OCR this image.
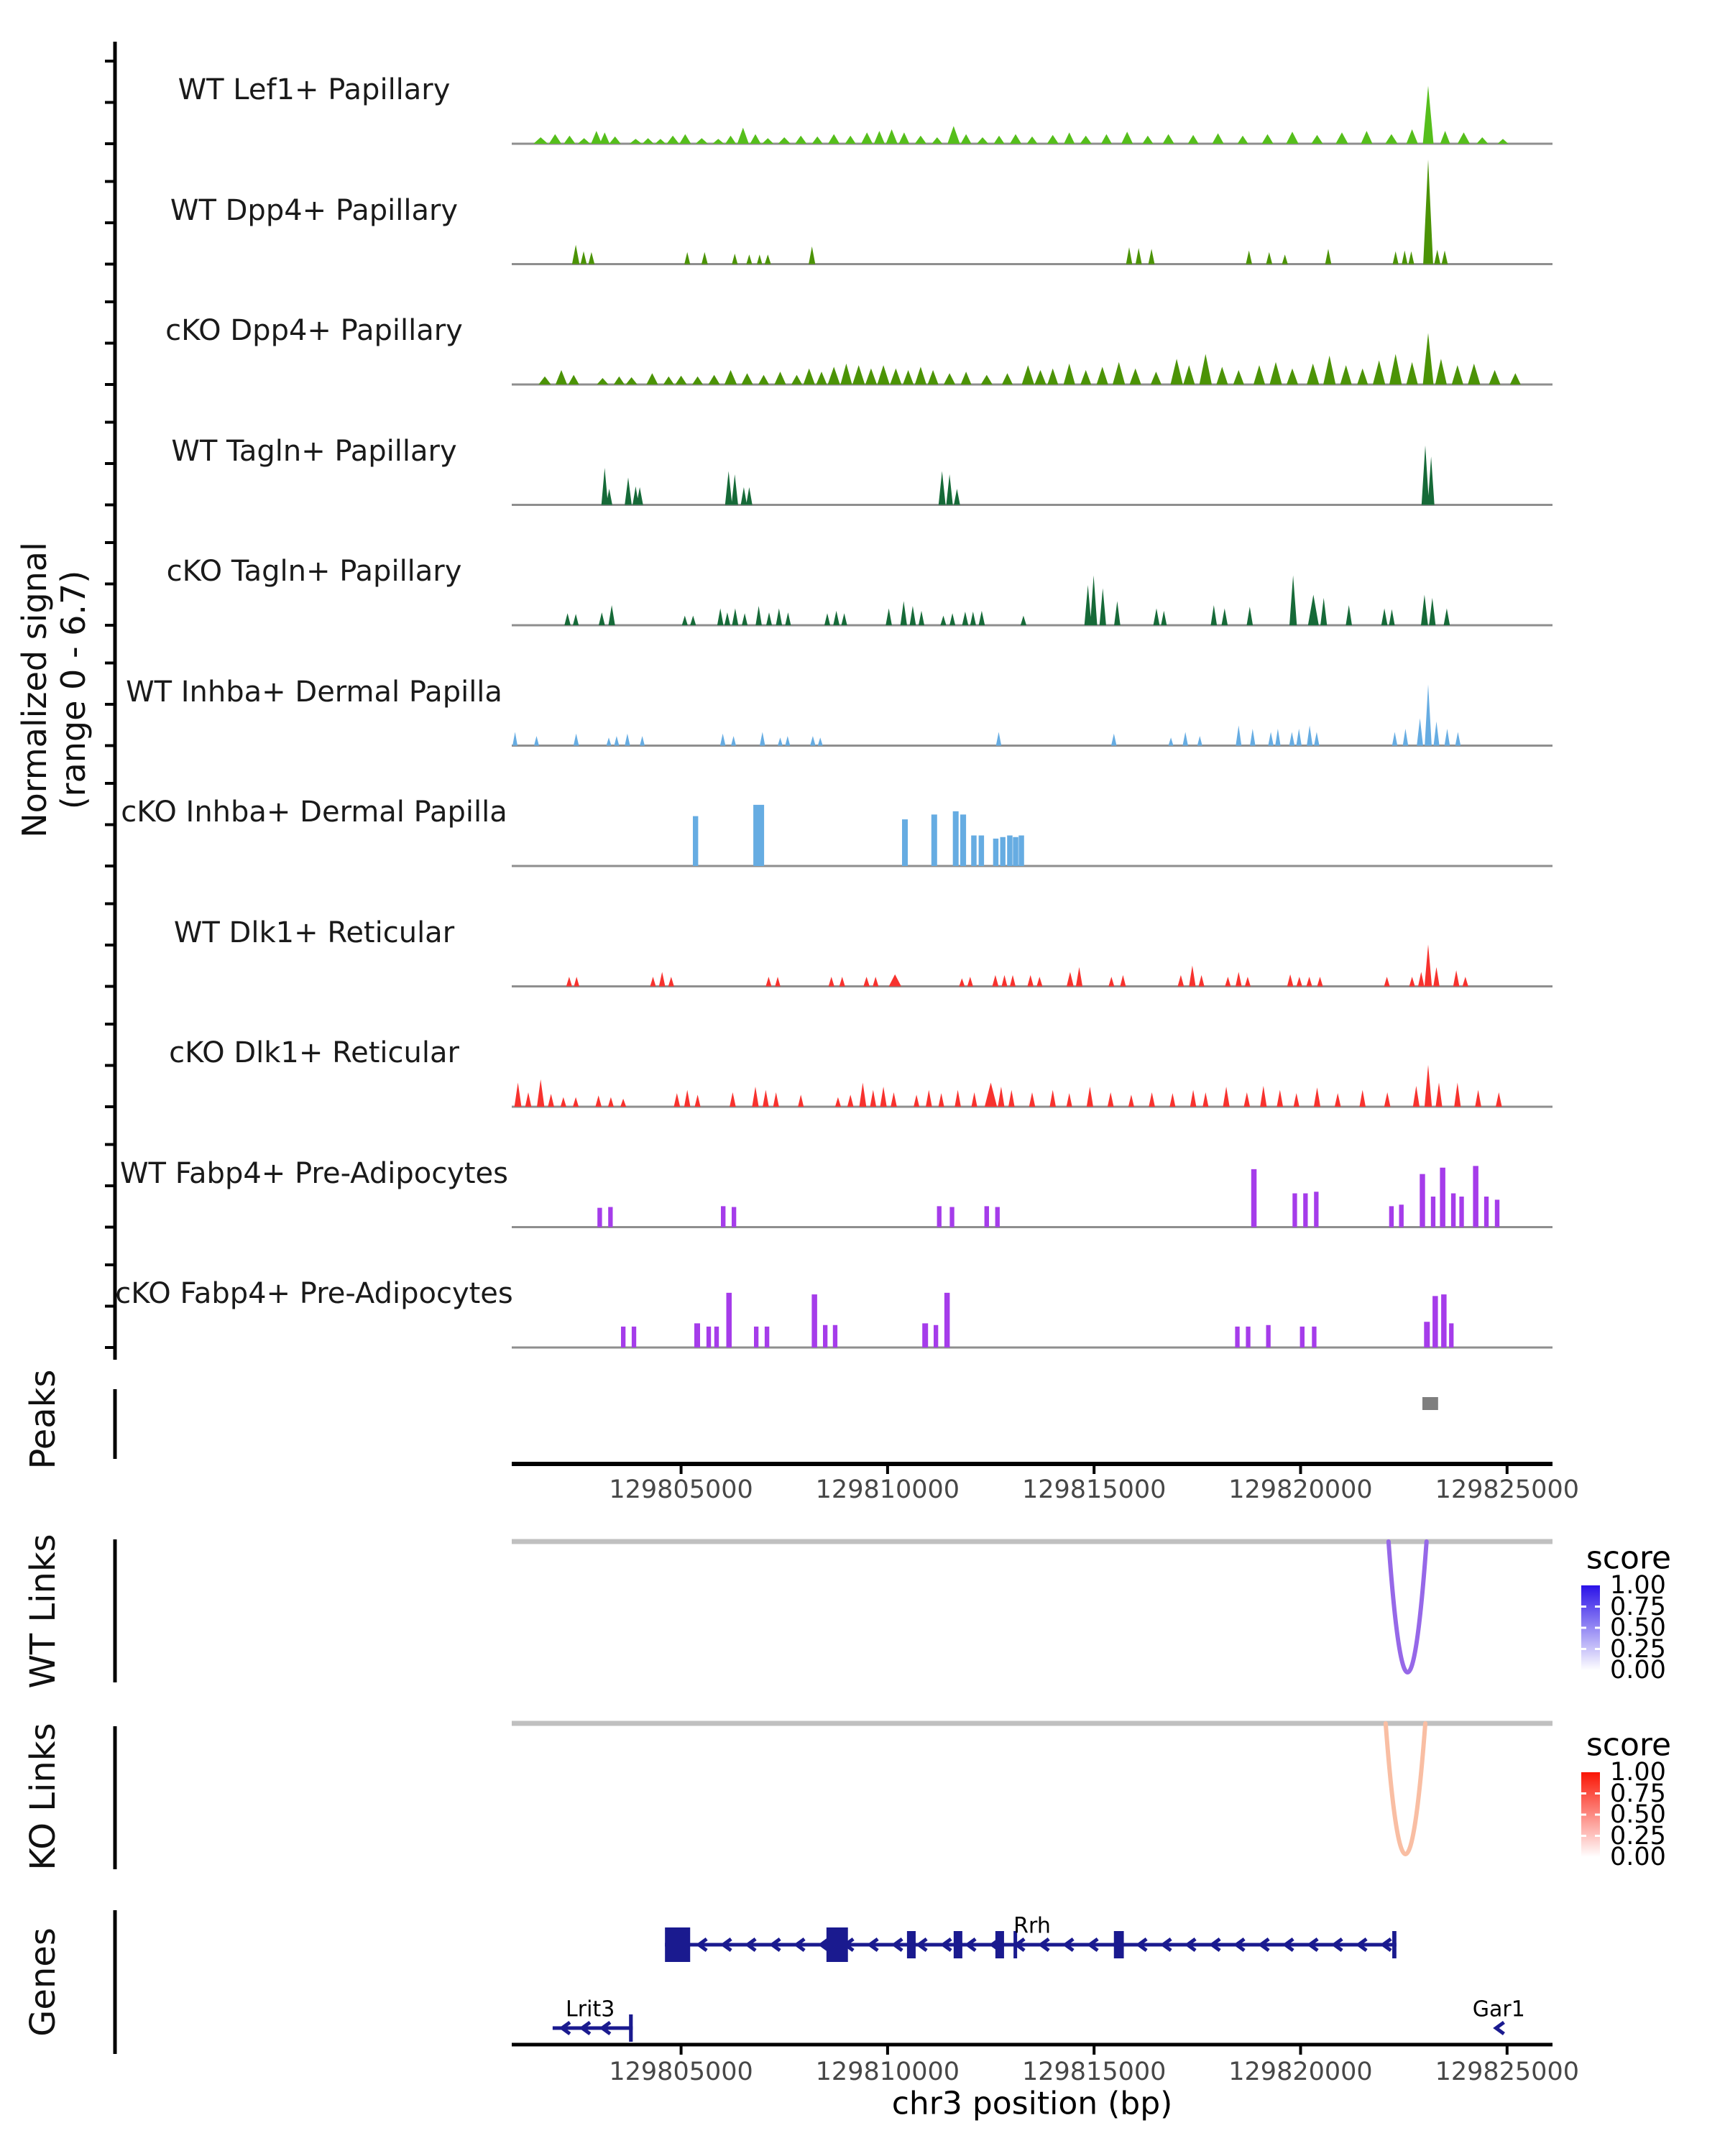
Normalized signal (range 0 - 6.7)
Peaks
WT Links
KO Links
Genes
chr3 position (bp)
score
score
WT Lef1+ Papillary
WT Dpp4+ Papillary
cKO Dpp4+ Papillary
WT Tagln+ Papillary
cKO Tagln+ Papillary
WT Inhba+ Dermal Papilla
cKO Inhba+ Dermal Papilla
WT Dlk1+ Reticular
cKO Dlk1+ Reticular
WT Fabp4+ Pre-Adipocytes
cKO Fabp4+ Pre-Adipocytes
129805000 129810000 129815000 129820000 129825000
1.00
0.75
0.50
0.25
0.00
1.00
0.75
0.50
0.25
0.00
Rrh
Lrit3	Gar1
129805000 129810000 129815000 129820000 129825000
